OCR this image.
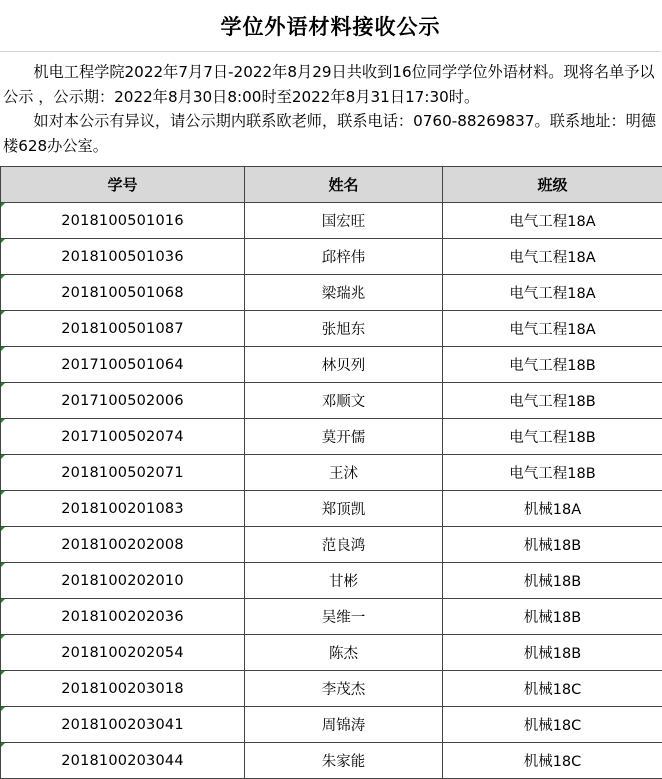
学位外语材料接收公示

机电工程学院2022年7月7日-2022年8月29日共收到16位同学学位外语材料。现将名单予以公示 ，公示期：2022年8月30日8:00时至2022年8月31日17:30时。

如对本公示有异议，请公示期内联系欧老师，联系电话：0760-88269837。联系地址：明德楼628办公室。

学号	姓名	班级
2018100501016	国宏旺	电气工程18A
2018100501036	邱梓伟	电气工程18A
2018100501068	梁瑞兆	电气工程18A
2018100501087	张旭东	电气工程18A
2017100501064	林贝列	电气工程18B
2017100502006	邓顺文	电气工程18B
2017100502074	莫开儒	电气工程18B
2018100502071	王沭	电气工程18B
2018100201083	郑顶凯	机械18A
2018100202008	范良鸿	机械18B
2018100202010	甘彬	机械18B
2018100202036	吴维一	机械18B
2018100202054	陈杰	机械18B
2018100203018	李茂杰	机械18C
2018100203041	周锦涛	机械18C
2018100203044	朱家能	机械18C
